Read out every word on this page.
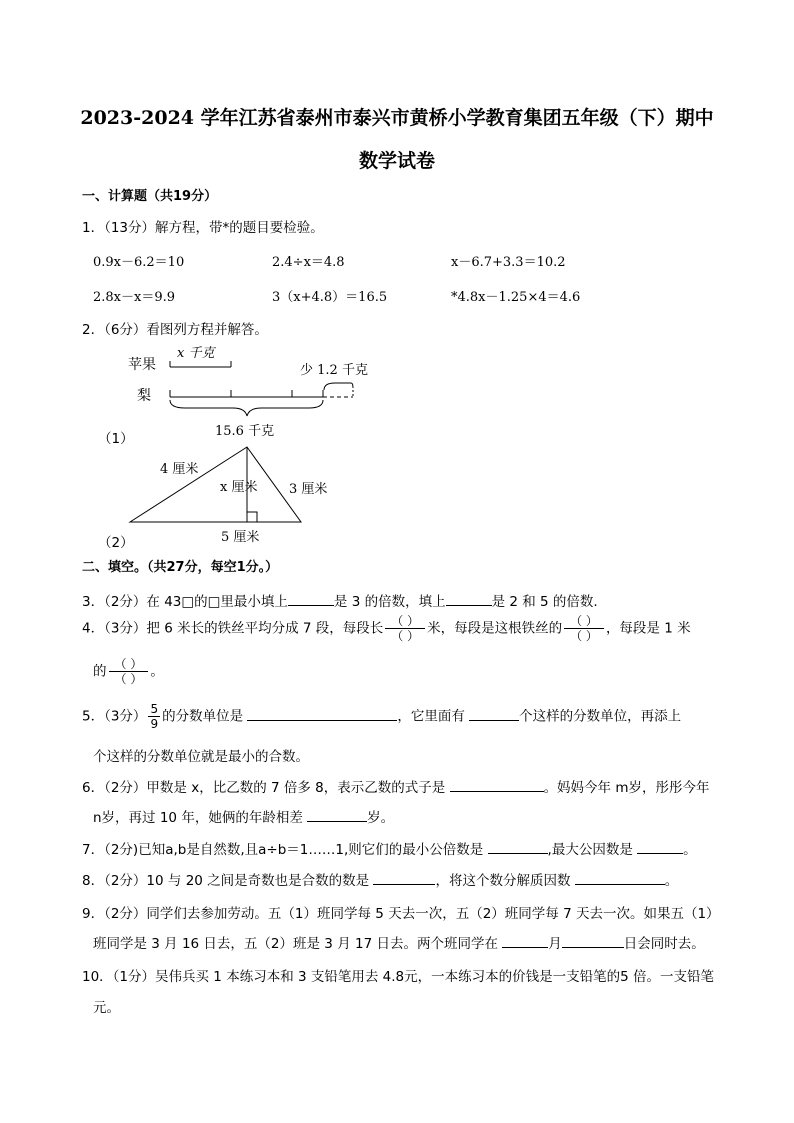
2023-2024 学年江苏省泰州市泰兴市黄桥小学教育集团五年级（下）期中
数学试卷
一、计算题（共19分）
1．（13分）解方程，带*的题目要检验。
0.9x－6.2＝10	2.4÷x＝4.8	x－6.7+3.3＝10.2
2.8x－x＝9.9	3（x+4.8）＝16.5	*4.8x－1.25×4＝4.6
2．（6分）看图列方程并解答。
苹果
梨
x 千克
少 1.2 千克
15.6 千克
（1）
4 厘米
3 厘米
x 厘米
5 厘米
（2）
二、填空。（共27分，每空1分。）
3．（2分）在 43□的□里最小填上	是 3 的倍数，填上	是 2 和 5 的倍数.
4．（3分）把 6 米长的铁丝平均分成 7 段，每段长 $\frac{( )}{( )}$ 米，每段是这根铁丝的 $\frac{( )}{( )}$ ，每段是 1 米
的 $\frac{( )}{( )}$ 。
5．（3分） $\frac{5}{9}$ 的分数单位是	，它里面有	个这样的分数单位，再添上
个这样的分数单位就是最小的合数。
6．（2分）甲数是 x，比乙数的 7 倍多 8，表示乙数的式子是	。妈妈今年 m岁，彤彤今年
n岁，再过 10 年，她俩的年龄相差	岁。
7．（2分)已知a,b是自然数,且a÷b＝1……1,则它们的最小公倍数是	,最大公因数是	。
8．（2分）10 与 20 之间是奇数也是合数的数是	，将这个数分解质因数	。
9．（2分）同学们去参加劳动。五（1）班同学每 5 天去一次，五（2）班同学每 7 天去一次。如果五（1）
班同学是 3 月 16 日去，五（2）班是 3 月 17 日去。两个班同学在	月	日会同时去。
10．（1分）吴伟兵买 1 本练习本和 3 支铅笔用去 4.8元，一本练习本的价钱是一支铅笔的5 倍。一支铅笔
元。
